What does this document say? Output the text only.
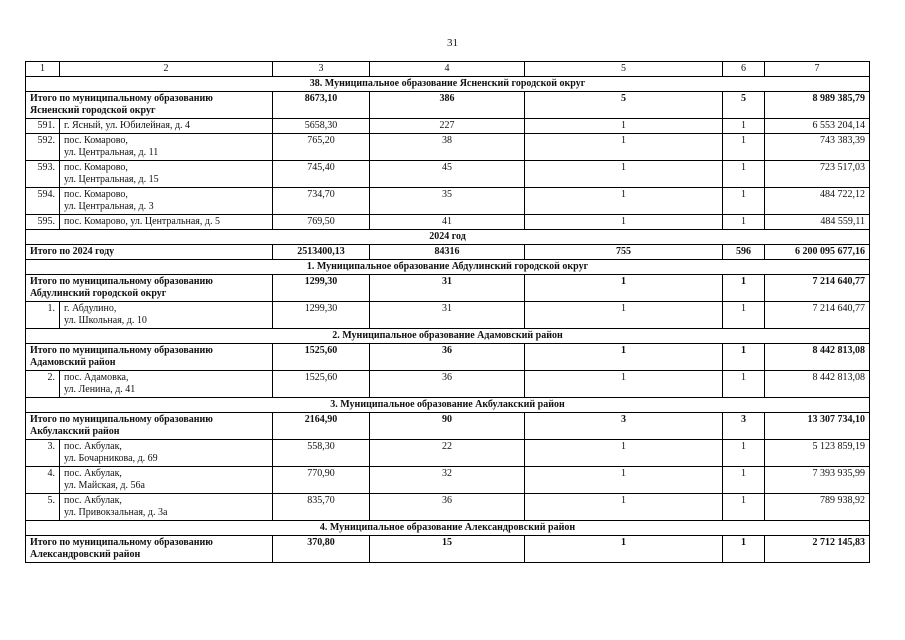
31
1	2	3	4	5	6	7
38. Муниципальное образование Ясненский городской округ						

Итого по муниципальному образованию
Ясненский городской округ		8673,10	386	5	5	8 989 385,79
591.	г. Ясный, ул. Юбилейная, д. 4	5658,30	227	1	1	6 553 204,14
592.	пос. Комарово,
ул. Центральная, д. 11	765,20	38	1	1	743 383,39
593.	пос. Комарово,
ул. Центральная, д. 15	745,40	45	1	1	723 517,03
594.	пос. Комарово,
ул. Центральная, д. 3	734,70	35	1	1	484 722,12
595.	пос. Комарово, ул. Центральная, д. 5	769,50	41	1	1	484 559,11
2024 год						
Итого по 2024 году		2513400,13	84316	755	596	6 200 095 677,16
1. Муниципальное образование Абдулинский городской округ						

Итого по муниципальному образованию
Абдулинский городской округ		1299,30	31	1	1	7 214 640,77
1.	г. Абдулино,
ул. Школьная, д. 10	1299,30	31	1	1	7 214 640,77
2. Муниципальное образование Адамовский район						

Итого по муниципальному образованию
Адамовский район		1525,60	36	1	1	8 442 813,08
2.	пос. Адамовка,
ул. Ленина, д. 41	1525,60	36	1	1	8 442 813,08
3. Муниципальное образование Акбулакский район						

Итого по муниципальному образованию
Акбулакский район		2164,90	90	3	3	13 307 734,10
3.	пос. Акбулак,
ул. Бочарникова, д. 69	558,30	22	1	1	5 123 859,19
4.	пос. Акбулак,
ул. Майская, д. 56а	770,90	32	1	1	7 393 935,99
5.	пос. Акбулак,
ул. Привокзальная, д. 3а	835,70	36	1	1	789 938,92
4. Муниципальное образование Александровский район						

Итого по муниципальному образованию
Александровский район		370,80	15	1	1	2 712 145,83
